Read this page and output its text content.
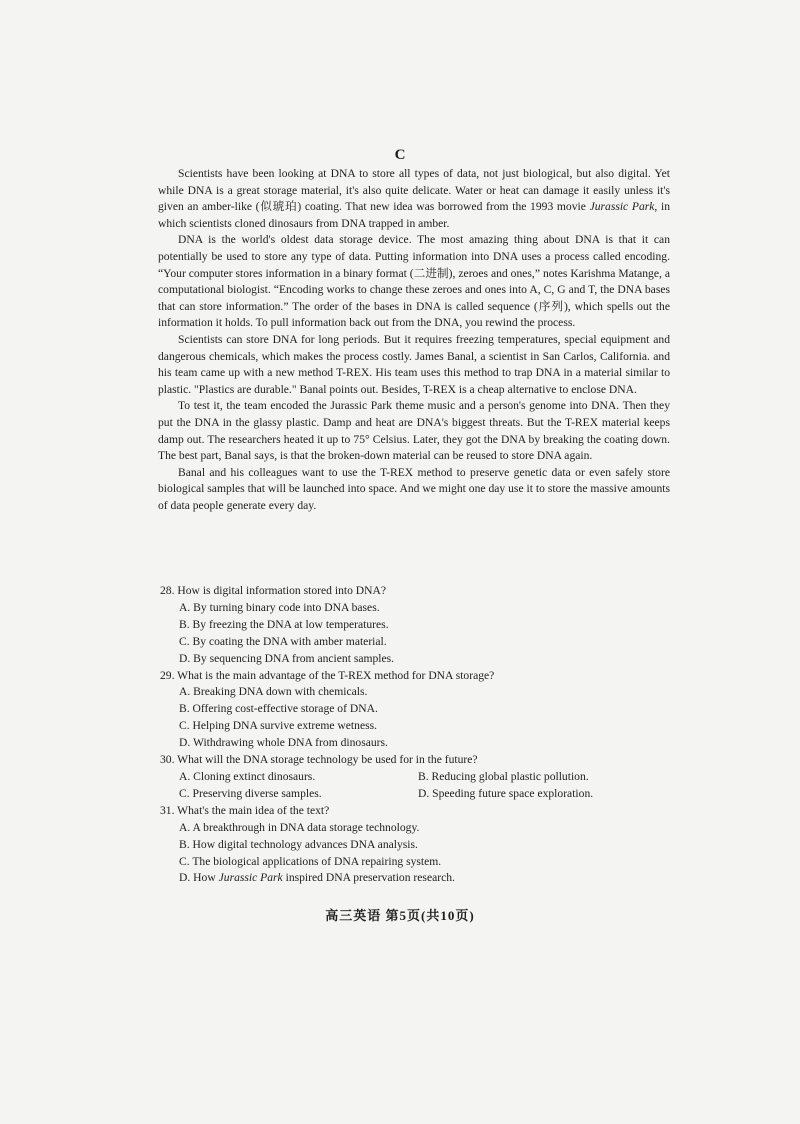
C

Scientists have been looking at DNA to store all types of data, not just biological, but also digital. Yet while DNA is a great storage material, it's also quite delicate. Water or heat can damage it easily unless it's given an amber-like (似琥珀) coating. That new idea was borrowed from the 1993 movie Jurassic Park, in which scientists cloned dinosaurs from DNA trapped in amber.

DNA is the world's oldest data storage device. The most amazing thing about DNA is that it can potentially be used to store any type of data. Putting information into DNA uses a process called encoding. “Your computer stores information in a binary format (二进制), zeroes and ones,” notes Karishma Matange, a computational biologist. “Encoding works to change these zeroes and ones into A, C, G and T, the DNA bases that can store information.” The order of the bases in DNA is called sequence (序列), which spells out the information it holds. To pull information back out from the DNA, you rewind the process.

Scientists can store DNA for long periods. But it requires freezing temperatures, special equipment and dangerous chemicals, which makes the process costly. James Banal, a scientist in San Carlos, California. and his team came up with a new method T-REX. His team uses this method to trap DNA in a material similar to plastic. "Plastics are durable." Banal points out. Besides, T-REX is a cheap alternative to enclose DNA.

To test it, the team encoded the Jurassic Park theme music and a person's genome into DNA. Then they put the DNA in the glassy plastic. Damp and heat are DNA's biggest threats. But the T-REX material keeps damp out. The researchers heated it up to 75° Celsius. Later, they got the DNA by breaking the coating down. The best part, Banal says, is that the broken-down material can be reused to store DNA again.

Banal and his colleagues want to use the T-REX method to preserve genetic data or even safely store biological samples that will be launched into space. And we might one day use it to store the massive amounts of data people generate every day.

28. How is digital information stored into DNA?
A. By turning binary code into DNA bases.
B. By freezing the DNA at low temperatures.
C. By coating the DNA with amber material.
D. By sequencing DNA from ancient samples.
29. What is the main advantage of the T-REX method for DNA storage?
A. Breaking DNA down with chemicals.
B. Offering cost-effective storage of DNA.
C. Helping DNA survive extreme wetness.
D. Withdrawing whole DNA from dinosaurs.
30. What will the DNA storage technology be used for in the future?
A. Cloning extinct dinosaurs.	B. Reducing global plastic pollution.
C. Preserving diverse samples.	D. Speeding future space exploration.
31. What's the main idea of the text?
A. A breakthrough in DNA data storage technology.
B. How digital technology advances DNA analysis.
C. The biological applications of DNA repairing system.
D. How Jurassic Park inspired DNA preservation research.
高三英语 第5页(共10页)
